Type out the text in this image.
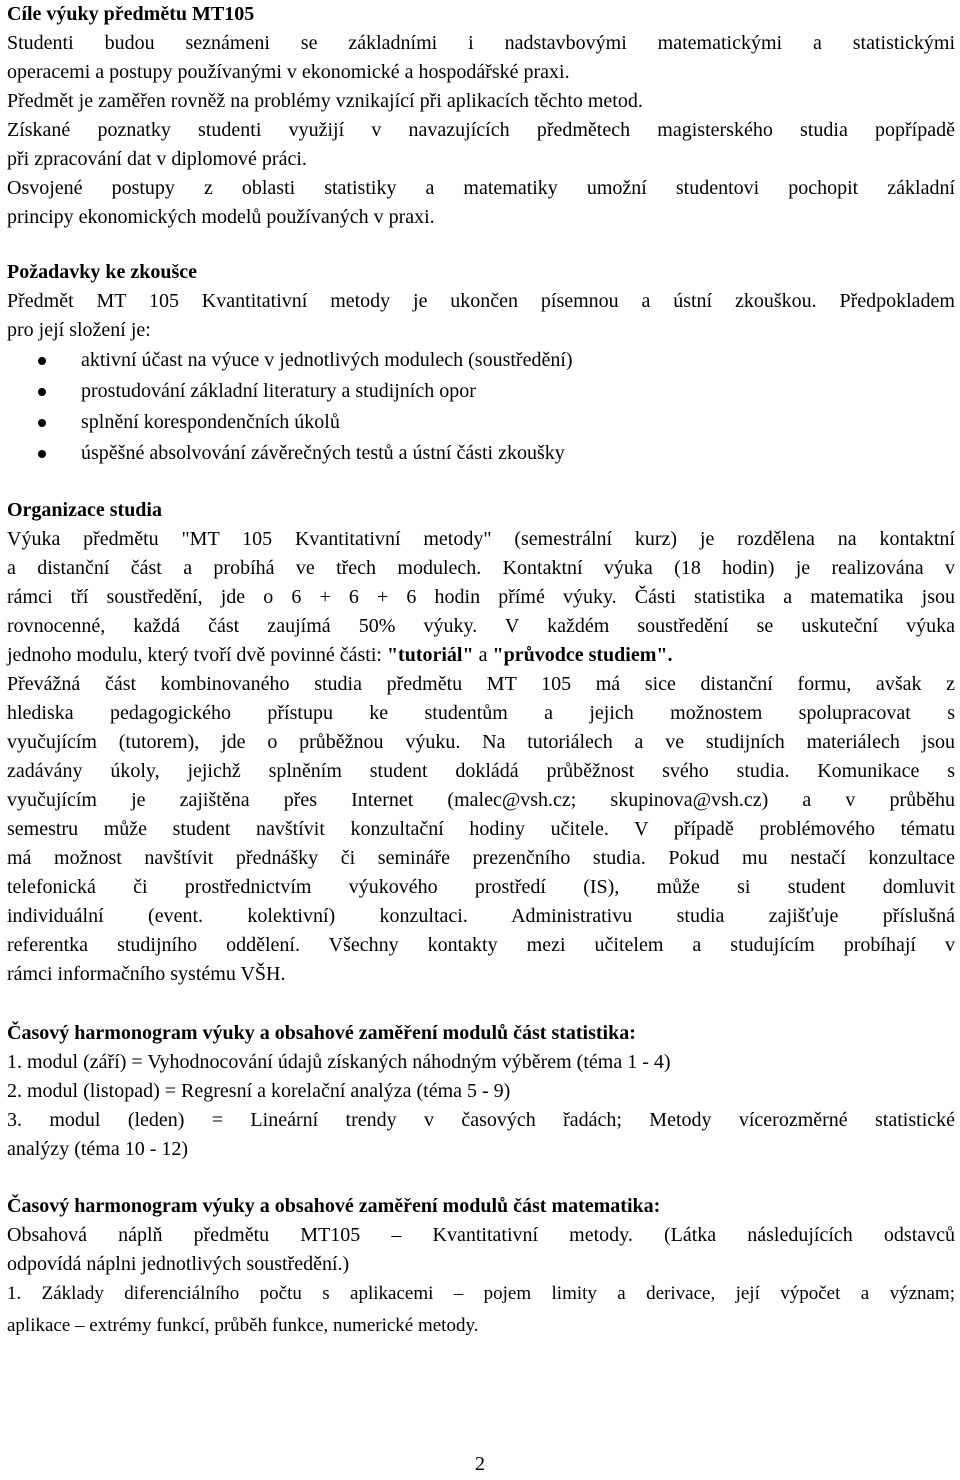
Cíle výuky předmětu MT105
Studenti budou seznámeni se základními i nadstavbovými matematickými a statistickými
operacemi a postupy používanými v ekonomické a hospodářské praxi.
Předmět je zaměřen rovněž na problémy vznikající při aplikacích těchto metod.
Získané poznatky studenti využijí v navazujících předmětech magisterského studia popřípadě
při zpracování dat v diplomové práci.
Osvojené postupy z oblasti statistiky a matematiky umožní studentovi pochopit základní
principy ekonomických modelů používaných v praxi.
Požadavky ke zkoušce
Předmět MT 105 Kvantitativní metody je ukončen písemnou a ústní zkouškou. Předpokladem
pro její složení je:
aktivní účast na výuce v jednotlivých modulech (soustředění)
prostudování základní literatury a studijních opor
splnění korespondenčních úkolů
úspěšné absolvování závěrečných testů a ústní části zkoušky
Organizace studia
Výuka předmětu "MT 105 Kvantitativní metody" (semestrální kurz) je rozdělena na kontaktní
a distanční část a probíhá ve třech modulech. Kontaktní výuka (18 hodin) je realizována v
rámci tří soustředění, jde o 6 + 6 + 6 hodin přímé výuky. Části statistika a matematika jsou
rovnocenné, každá část zaujímá 50% výuky. V každém soustředění se uskuteční výuka
jednoho modulu, který tvoří dvě povinné části: "tutoriál" a "průvodce studiem".
Převážná část kombinovaného studia předmětu MT 105 má sice distanční formu, avšak z
hlediska pedagogického přístupu ke studentům a jejich možnostem spolupracovat s
vyučujícím (tutorem), jde o průběžnou výuku. Na tutoriálech a ve studijních materiálech jsou
zadávány úkoly, jejichž splněním student dokládá průběžnost svého studia. Komunikace s
vyučujícím je zajištěna přes Internet (malec@vsh.cz; skupinova@vsh.cz) a v průběhu
semestru může student navštívit konzultační hodiny učitele. V případě problémového tématu
má možnost navštívit přednášky či semináře prezenčního studia. Pokud mu nestačí konzultace
telefonická či prostřednictvím výukového prostředí (IS), může si student domluvit
individuální (event. kolektivní) konzultaci. Administrativu studia zajišťuje příslušná
referentka studijního oddělení. Všechny kontakty mezi učitelem a studujícím probíhají v
rámci informačního systému VŠH.
Časový harmonogram výuky a obsahové zaměření modulů část statistika:
1. modul (září) = Vyhodnocování údajů získaných náhodným výběrem (téma 1 - 4)
2. modul (listopad) = Regresní a korelační analýza (téma 5 - 9)
3. modul (leden) = Lineární trendy v časových řadách; Metody vícerozměrné statistické
analýzy (téma 10 - 12)
Časový harmonogram výuky a obsahové zaměření modulů část matematika:
Obsahová náplň předmětu MT105 – Kvantitativní metody. (Látka následujících odstavců
odpovídá náplni jednotlivých soustředění.)
1. Základy diferenciálního počtu s aplikacemi – pojem limity a derivace, její výpočet a význam;
aplikace – extrémy funkcí, průběh funkce, numerické metody.
2
